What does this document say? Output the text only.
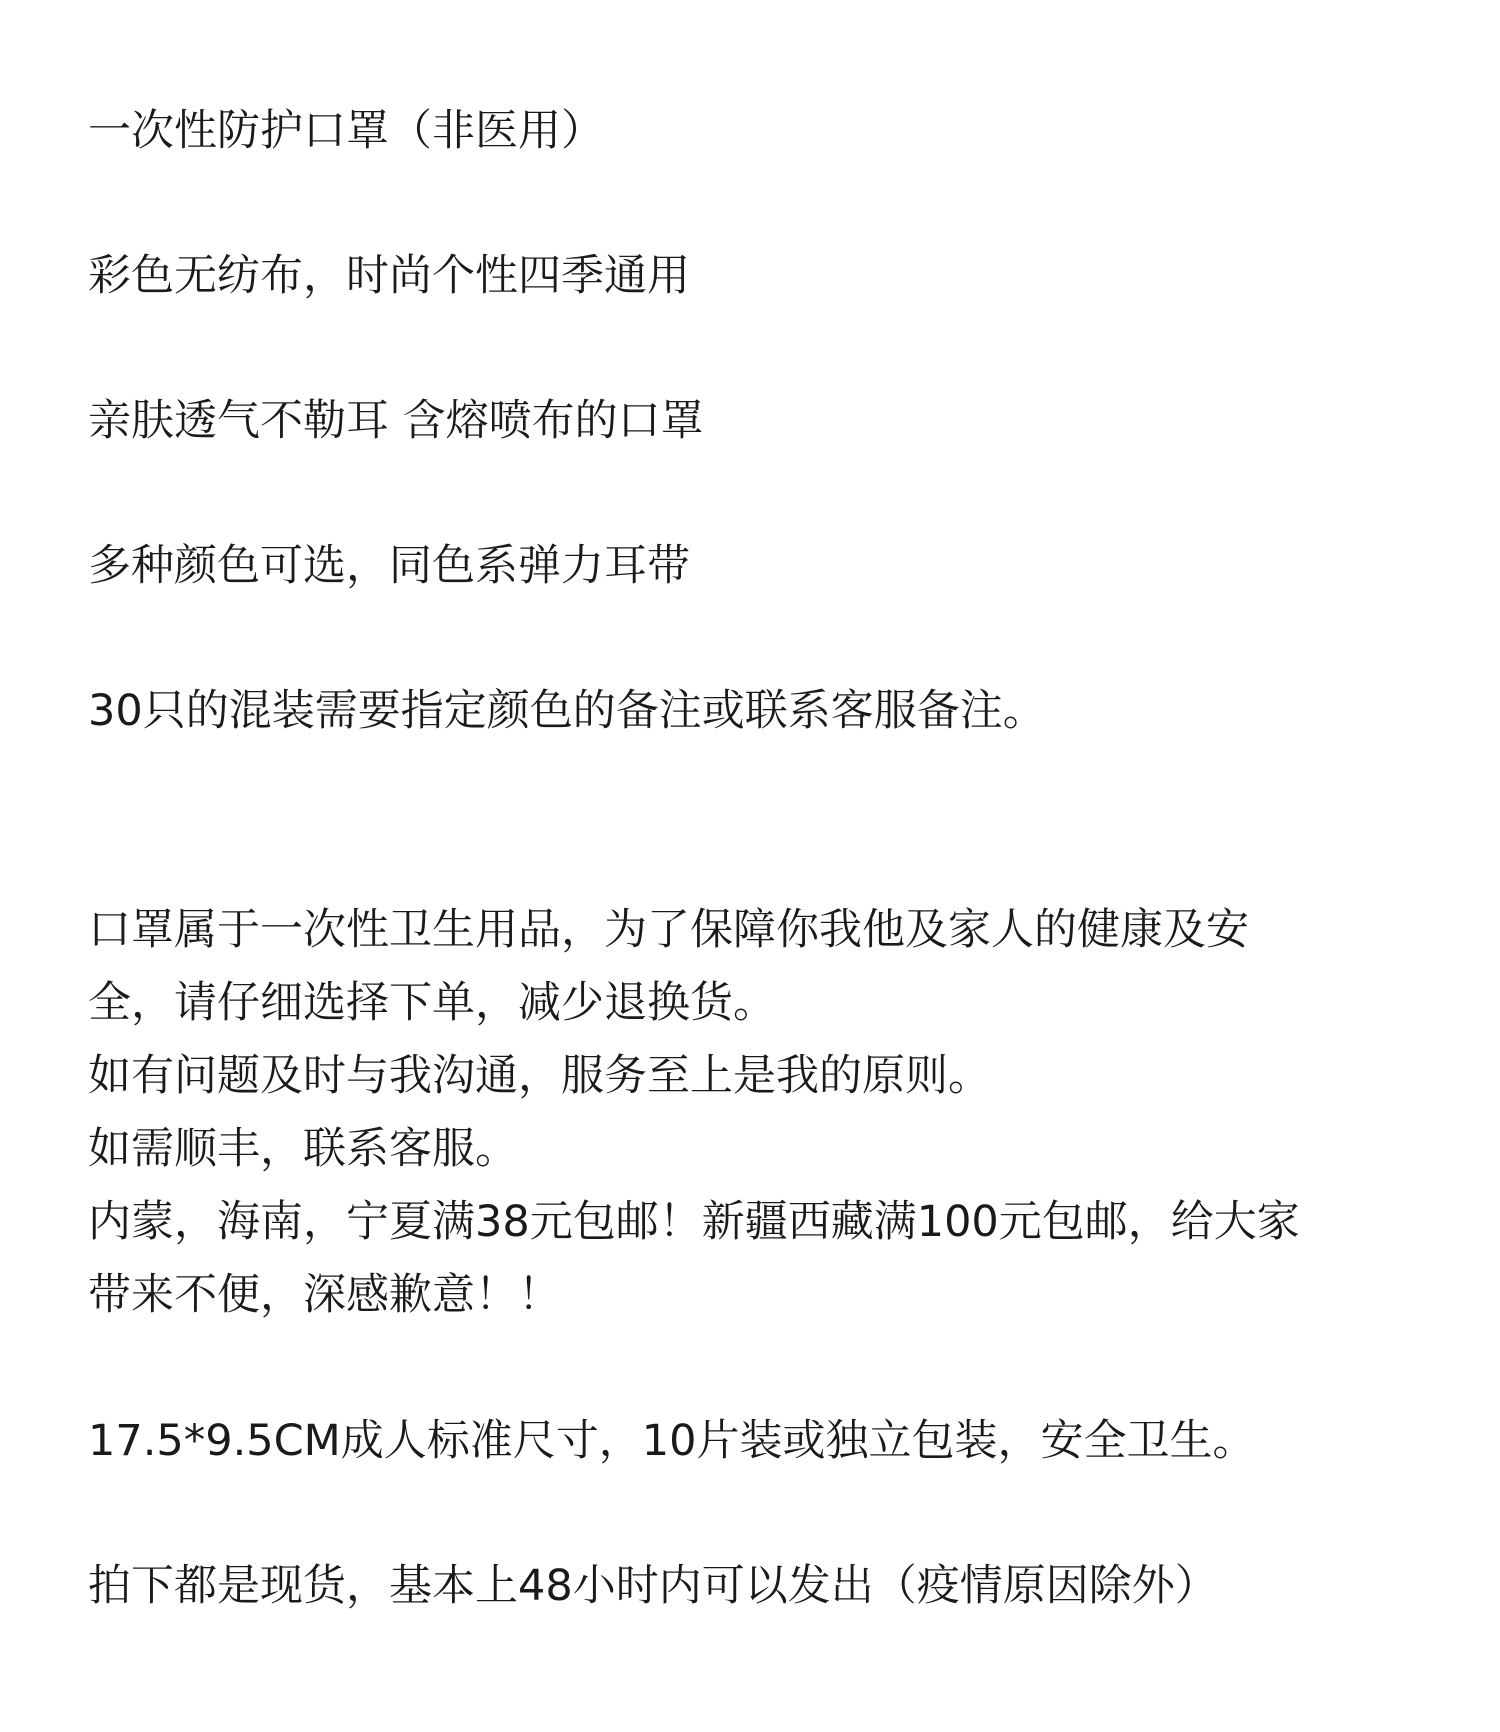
一次性防护口罩（非医用）
彩色无纺布，时尚个性四季通用
亲肤透气不勒耳 含熔喷布的口罩
多种颜色可选，同色系弹力耳带
30只的混装需要指定颜色的备注或联系客服备注。
口罩属于一次性卫生用品，为了保障你我他及家人的健康及安
全，请仔细选择下单，减少退换货。
如有问题及时与我沟通，服务至上是我的原则。
如需顺丰，联系客服。
内蒙，海南，宁夏满38元包邮！新疆西藏满100元包邮，给大家
带来不便，深感歉意！！
17.5*9.5CM成人标准尺寸，10片装或独立包装，安全卫生。
拍下都是现货，基本上48小时内可以发出（疫情原因除外）
